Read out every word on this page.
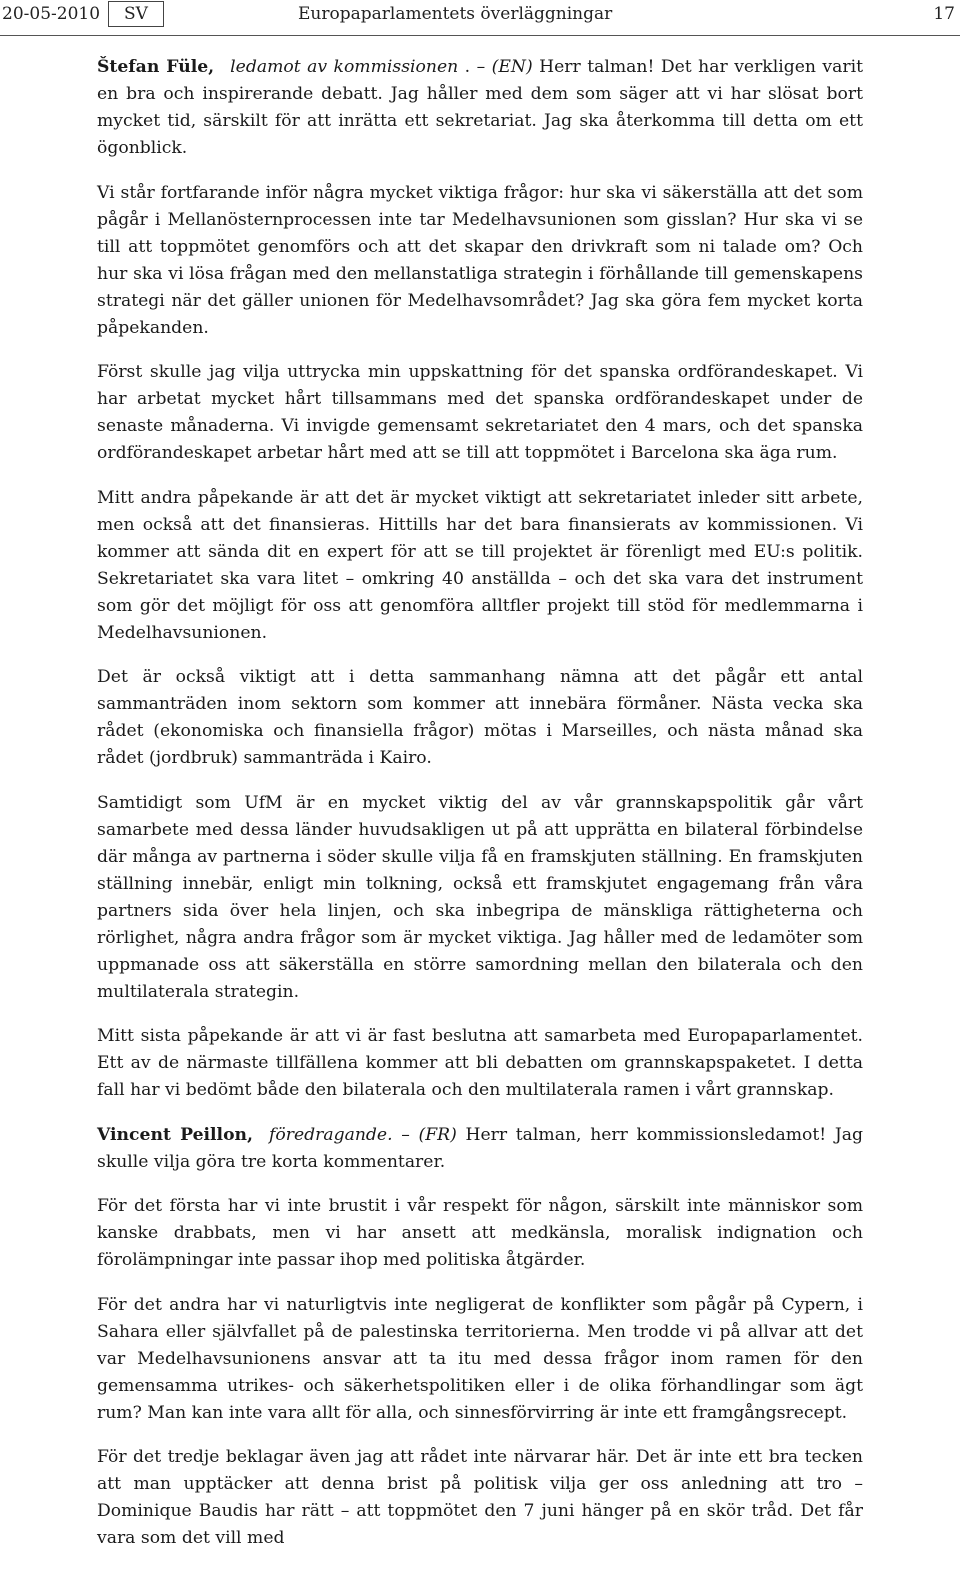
20-05-2010	SV	Europaparlamentets överläggningar	17

Štefan Füle, ledamot av kommissionen . – (EN) Herr talman! Det har verkligen varit en bra och inspirerande debatt. Jag håller med dem som säger att vi har slösat bort mycket tid, särskilt för att inrätta ett sekretariat. Jag ska återkomma till detta om ett ögonblick.

Vi står fortfarande inför några mycket viktiga frågor: hur ska vi säkerställa att det som pågår i Mellanösternprocessen inte tar Medelhavsunionen som gisslan? Hur ska vi se till att toppmötet genomförs och att det skapar den drivkraft som ni talade om? Och hur ska vi lösa frågan med den mellanstatliga strategin i förhållande till gemenskapens strategi när det gäller unionen för Medelhavsområdet? Jag ska göra fem mycket korta påpekanden.

Först skulle jag vilja uttrycka min uppskattning för det spanska ordförandeskapet. Vi har arbetat mycket hårt tillsammans med det spanska ordförandeskapet under de senaste månaderna. Vi invigde gemensamt sekretariatet den 4 mars, och det spanska ordförandeskapet arbetar hårt med att se till att toppmötet i Barcelona ska äga rum.

Mitt andra påpekande är att det är mycket viktigt att sekretariatet inleder sitt arbete, men också att det finansieras. Hittills har det bara finansierats av kommissionen. Vi kommer att sända dit en expert för att se till projektet är förenligt med EU:s politik. Sekretariatet ska vara litet – omkring 40 anställda – och det ska vara det instrument som gör det möjligt för oss att genomföra alltfler projekt till stöd för medlemmarna i Medelhavsunionen.

Det är också viktigt att i detta sammanhang nämna att det pågår ett antal sammanträden inom sektorn som kommer att innebära förmåner. Nästa vecka ska rådet (ekonomiska och finansiella frågor) mötas i Marseilles, och nästa månad ska rådet (jordbruk) sammanträda i Kairo.

Samtidigt som UfM är en mycket viktig del av vår grannskapspolitik går vårt samarbete med dessa länder huvudsakligen ut på att upprätta en bilateral förbindelse där många av partnerna i söder skulle vilja få en framskjuten ställning. En framskjuten ställning innebär, enligt min tolkning, också ett framskjutet engagemang från våra partners sida över hela linjen, och ska inbegripa de mänskliga rättigheterna och rörlighet, några andra frågor som är mycket viktiga. Jag håller med de ledamöter som uppmanade oss att säkerställa en större samordning mellan den bilaterala och den multilaterala strategin.

Mitt sista påpekande är att vi är fast beslutna att samarbeta med Europaparlamentet. Ett av de närmaste tillfällena kommer att bli debatten om grannskapspaketet. I detta fall har vi bedömt både den bilaterala och den multilaterala ramen i vårt grannskap.

Vincent Peillon, föredragande. – (FR) Herr talman, herr kommissionsledamot! Jag skulle vilja göra tre korta kommentarer.

För det första har vi inte brustit i vår respekt för någon, särskilt inte människor som kanske drabbats, men vi har ansett att medkänsla, moralisk indignation och förolämpningar inte passar ihop med politiska åtgärder.

För det andra har vi naturligtvis inte negligerat de konflikter som pågår på Cypern, i Sahara eller självfallet på de palestinska territorierna. Men trodde vi på allvar att det var Medelhavsunionens ansvar att ta itu med dessa frågor inom ramen för den gemensamma utrikes- och säkerhetspolitiken eller i de olika förhandlingar som ägt rum? Man kan inte vara allt för alla, och sinnesförvirring är inte ett framgångsrecept.

För det tredje beklagar även jag att rådet inte närvarar här. Det är inte ett bra tecken att man upptäcker att denna brist på politisk vilja ger oss anledning att tro – Dominique Baudis har rätt – att toppmötet den 7 juni hänger på en skör tråd. Det får vara som det vill med
